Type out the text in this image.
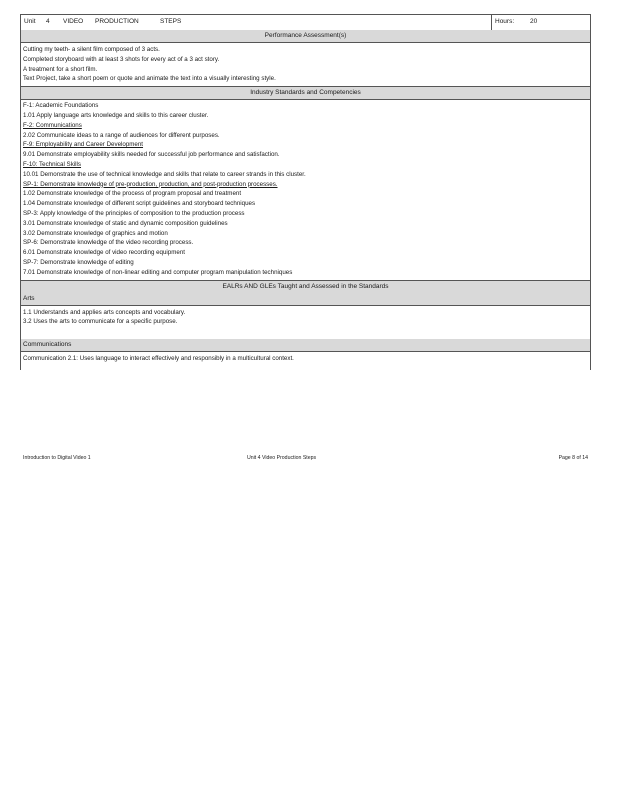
Unit 4 VIDEO PRODUCTION	STEPS	Hours: 20
Performance Assessment(s)
Cutting my teeth- a silent film composed of 3 acts.
Completed storyboard with at least 3 shots for every act of a 3 act story.
A treatment for a short film.
Text Project, take a short poem or quote and animate the text into a visually interesting style.
Industry Standards and Competencies
F-1: Academic Foundations
1.01 Apply language arts knowledge and skills to this career cluster.
F-2: Communications
2.02 Communicate ideas to a range of audiences for different purposes.
F-9: Employability and Career Development
9.01 Demonstrate employability skills needed for successful job performance and satisfaction.
F-10: Technical Skills
10.01 Demonstrate the use of technical knowledge and skills that relate to career strands in this cluster.
SP-1: Demonstrate knowledge of pre-production, production, and post-production processes.
1.02 Demonstrate knowledge of the process of program proposal and treatment
1.04 Demonstrate knowledge of different script guidelines and storyboard techniques
SP-3: Apply knowledge of the principles of composition to the production process
3.01 Demonstrate knowledge of static and dynamic composition guidelines
3.02 Demonstrate knowledge of graphics and motion
SP-6: Demonstrate knowledge of the video recording process.
6.01 Demonstrate knowledge of video recording equipment
SP-7: Demonstrate knowledge of editing
7.01 Demonstrate knowledge of non-linear editing and computer program manipulation techniques
EALRs AND GLEs Taught and Assessed in the Standards
Arts
1.1 Understands and applies arts concepts and vocabulary.
3.2 Uses the arts to communicate for a specific purpose.
Communications
Communication 2.1: Uses language to interact effectively and responsibly in a multicultural context.
Introduction to Digital Video 1	Unit 4 Video Production Steps	Page 8 of 14
